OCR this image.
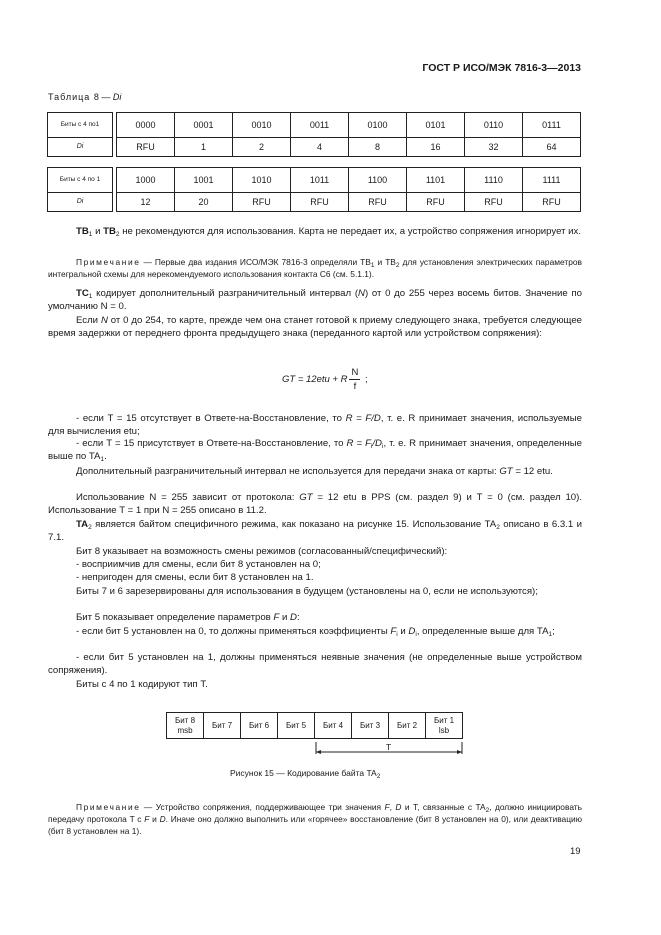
ГОСТ Р ИСО/МЭК 7816-3—2013
Таблица 8 — Di
Биты с 4 по1		0000	0001	0010	0011	0100	0101	0110	0111
Di		RFU	1	2	4	8	16	32	64
Биты с 4 по 1		1000	1001	1010	1011	1100	1101	1110	1111
Di		12	20	RFU	RFU	RFU	RFU	RFU	RFU
$TB_1$ и $TB_2$ не рекомендуются для использования. Карта не передает их, а устройство сопряжения игнорирует их.
Примечание — Первые два издания ИСО/МЭК 7816-3 определяли $TB_1$ и $TB_2$ для установления электрических параметров интегральной схемы для нерекомендуемого использования контакта C6 (см. 5.1.1).
$TC_1$ кодирует дополнительный разграничительный интервал (N) от 0 до 255 через восемь битов. Значение по умолчанию N = 0.
Если N от 0 до 254, то карте, прежде чем она станет готовой к приему следующего знака, требуется следующее время задержки от переднего фронта предыдущего знака (переданного картой или устройством сопряжения):
GT = 12etu + R $\frac{N}{f}$ ;
- если T = 15 отсутствует в Ответе-на-Восстановление, то R = F/D, т. е. R принимает значения, используемые для вычисления etu;
- если T = 15 присутствует в Ответе-на-Восстановление, то $R = F_i/D_i$, т. е. R принимает значения, определенные выше по $TA_1$.
Дополнительный разграничительный интервал не используется для передачи знака от карты: GT = 12 etu.
Использование N = 255 зависит от протокола: GT = 12 etu в PPS (см. раздел 9) и T = 0 (см. раздел 10). Использование T = 1 при N = 255 описано в 11.2.
$TA_2$ является байтом специфичного режима, как показано на рисунке 15. Использование $TA_2$ описано в 6.3.1 и 7.1.
Бит 8 указывает на возможность смены режимов (согласованный/специфический):
- восприимчив для смены, если бит 8 установлен на 0;
- непригоден для смены, если бит 8 установлен на 1.
Биты 7 и 6 зарезервированы для использования в будущем (установлены на 0, если не используются);
Бит 5 показывает определение параметров F и D:
- если бит 5 установлен на 0, то должны применяться коэффициенты $F_i$ и $D_i$, определенные выше для $TA_1$;
- если бит 5 установлен на 1, должны применяться неявные значения (не определенные выше устройством сопряжения).
Биты с 4 по 1 кодируют тип T.
Бит 8
msb	Бит 7	Бит 6	Бит 5	Бит 4	Бит 3	Бит 2	Бит 1
lsb
T
Рисунок 15 — Кодирование байта $TA_2$
Примечание — Устройство сопряжения, поддерживающее три значения F, D и T, связанные с $TA_2$, должно инициировать передачу протокола T с F и D. Иначе оно должно выполнить или «горячее» восстановление (бит 8 установлен на 0), или деактивацию (бит 8 установлен на 1).
19
